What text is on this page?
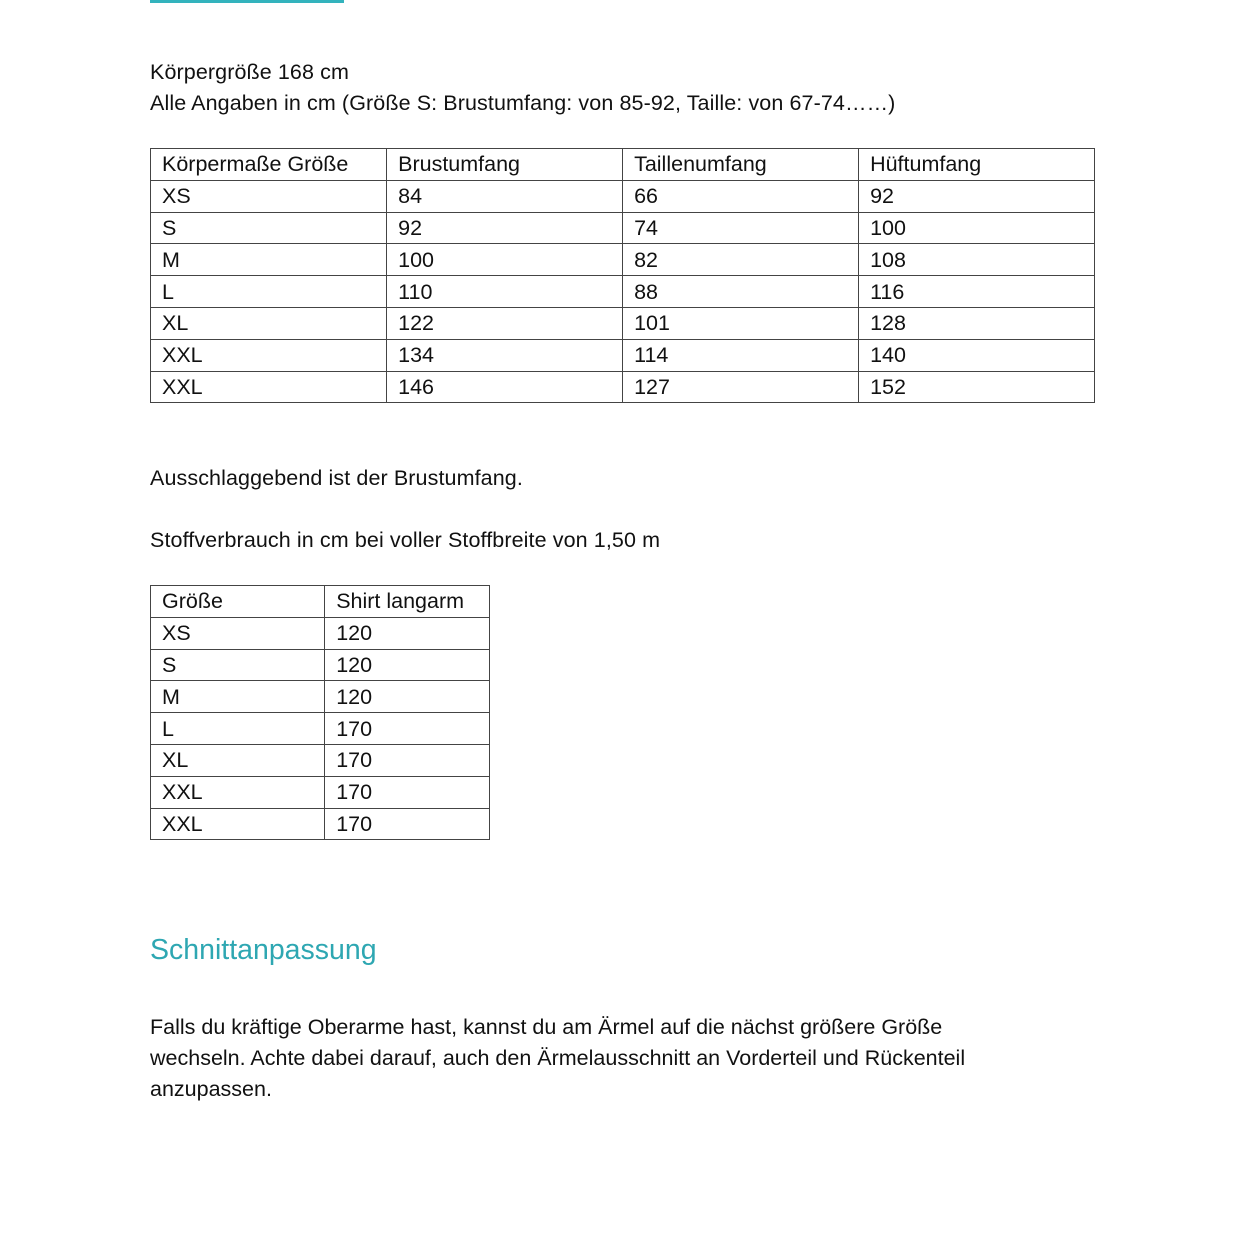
Körpergröße 168 cm
Alle Angaben in cm (Größe S: Brustumfang: von 85-92, Taille: von 67-74……)
Körpermaße Größe	Brustumfang	Taillenumfang	Hüftumfang
XS	84	66	92
S	92	74	100
M	100	82	108
L	110	88	116
XL	122	101	128
XXL	134	114	140
XXL	146	127	152
Ausschlaggebend ist der Brustumfang.
Stoffverbrauch in cm bei voller Stoffbreite von 1,50 m
Größe	Shirt langarm
XS	120
S	120
M	120
L	170
XL	170
XXL	170
XXL	170
Schnittanpassung
Falls du kräftige Oberarme hast, kannst du am Ärmel auf die nächst größere Größe
wechseln. Achte dabei darauf, auch den Ärmelausschnitt an Vorderteil und Rückenteil
anzupassen.
